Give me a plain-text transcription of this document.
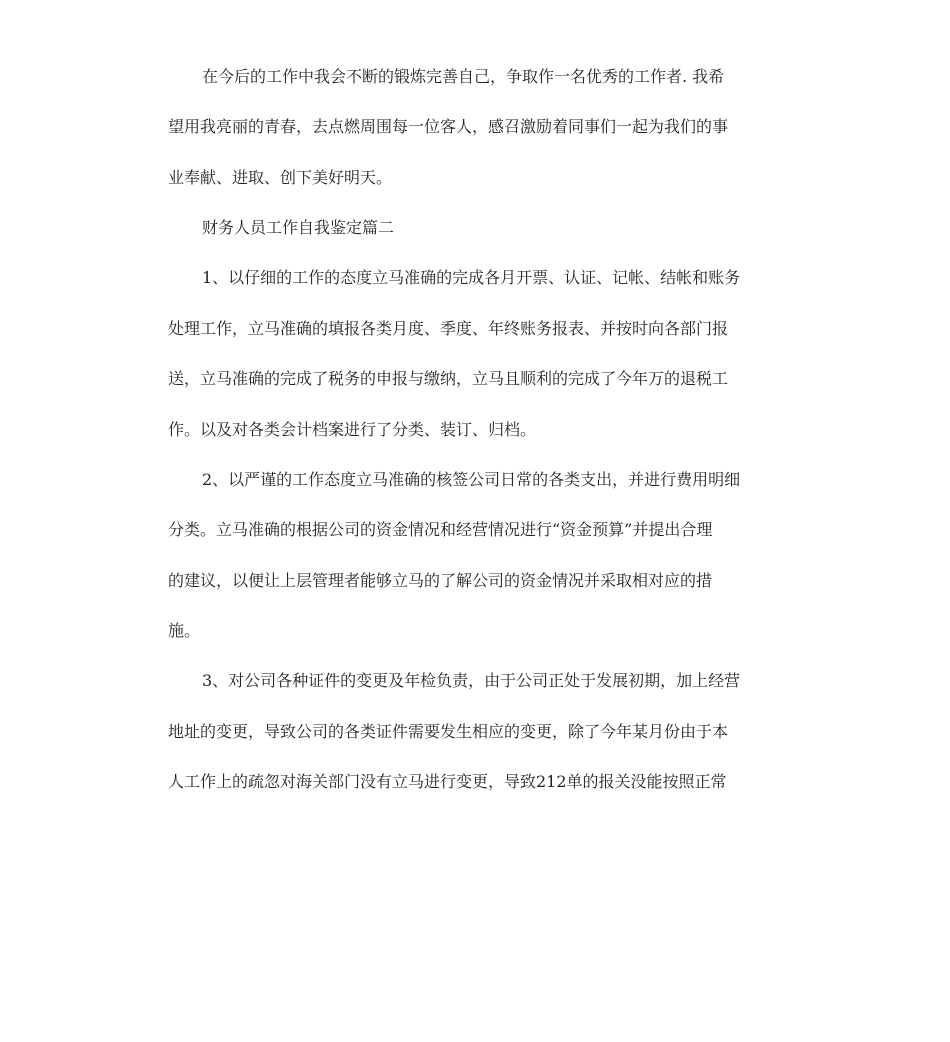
在今后的工作中我会不断的锻炼完善自己，争取作一名优秀的工作者. 我希

望用我亮丽的青春，去点燃周围每一位客人，感召激励着同事们一起为我们的事

业奉献、进取、创下美好明天。

财务人员工作自我鉴定篇二

1、以仔细的工作的态度立马准确的完成各月开票、认证、记帐、结帐和账务

处理工作，立马准确的填报各类月度、季度、年终账务报表、并按时向各部门报

送，立马准确的完成了税务的申报与缴纳，立马且顺利的完成了今年万的退税工

作。以及对各类会计档案进行了分类、装订、归档。

2、以严谨的工作态度立马准确的核签公司日常的各类支出，并进行费用明细

分类。立马准确的根据公司的资金情况和经营情况进行“资金预算”并提出合理

的建议，以便让上层管理者能够立马的了解公司的资金情况并采取相对应的措

施。

3、对公司各种证件的变更及年检负责，由于公司正处于发展初期，加上经营

地址的变更，导致公司的各类证件需要发生相应的变更，除了今年某月份由于本

人工作上的疏忽对海关部门没有立马进行变更，导致212单的报关没能按照正常
